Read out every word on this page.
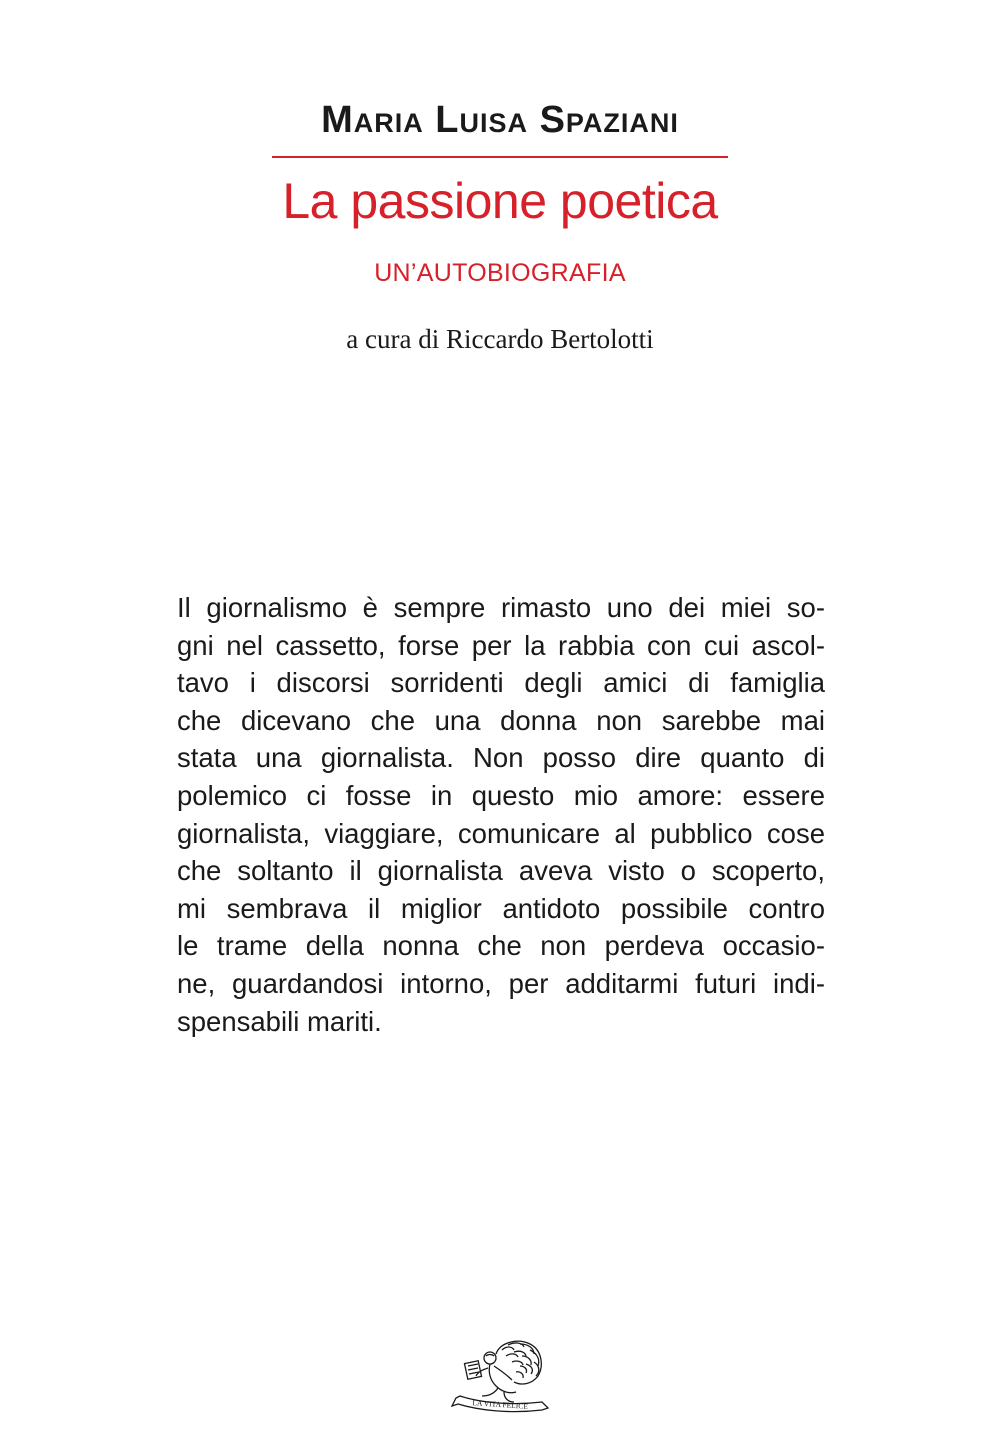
Maria Luisa Spaziani
La passione poetica
UN’AUTOBIOGRAFIA
a cura di Riccardo Bertolotti
Il giornalismo è sempre rimasto uno dei miei so-
gni nel cassetto, forse per la rabbia con cui ascol-
tavo i discorsi sorridenti degli amici di famiglia
che dicevano che una donna non sarebbe mai
stata una giornalista. Non posso dire quanto di
polemico ci fosse in questo mio amore: essere
giornalista, viaggiare, comunicare al pubblico cose
che soltanto il giornalista aveva visto o scoperto,
mi sembrava il miglior antidoto possibile contro
le trame della nonna che non perdeva occasio-
ne, guardandosi intorno, per additarmi futuri indi-
spensabili mariti.
LA VITA FELICE
